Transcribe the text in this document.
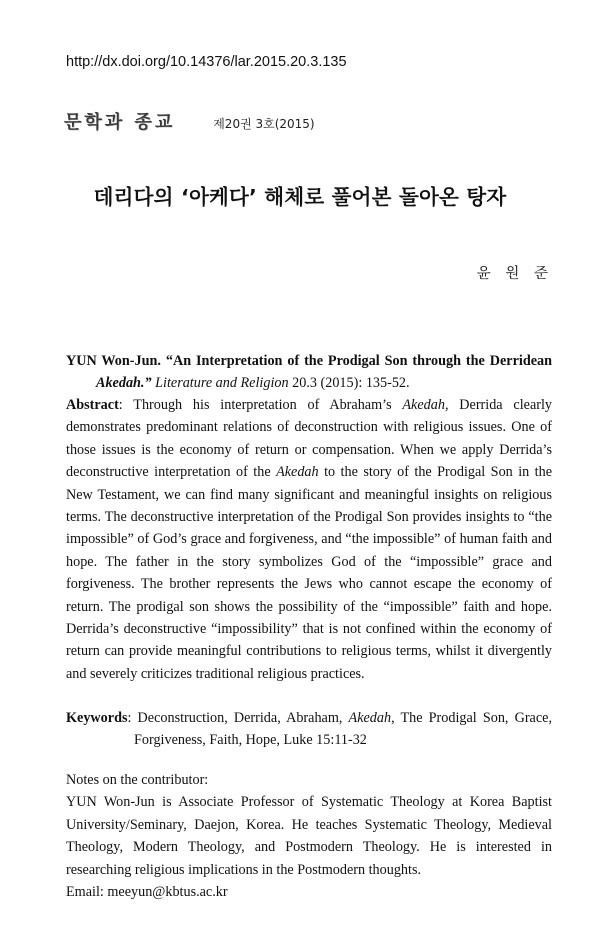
http://dx.doi.org/10.14376/lar.2015.20.3.135
문학과 종교	제20권 3호(2015)
데리다의 ‘아케다’ 해체로 풀어본 돌아온 탕자
윤 원 준
YUN Won-Jun. “An Interpretation of the Prodigal Son through the Derridean
Akedah.” Literature and Religion 20.3 (2015): 135-52.
Abstract: Through his interpretation of Abraham’s Akedah, Derrida clearly demonstrates predominant relations of deconstruction with religious issues. One of those issues is the economy of return or compensation. When we apply Derrida’s deconstructive interpretation of the Akedah to the story of the Prodigal Son in the New Testament, we can find many significant and meaningful insights on religious terms. The deconstructive interpretation of the Prodigal Son provides insights to “the impossible” of God’s grace and forgiveness, and “the impossible” of human faith and hope. The father in the story symbolizes God of the “impossible” grace and forgiveness. The brother represents the Jews who cannot escape the economy of return. The prodigal son shows the possibility of the “impossible” faith and hope. Derrida’s deconstructive “impossibility” that is not confined within the economy of return can provide meaningful contributions to religious terms, whilst it divergently and severely criticizes traditional religious practices.
Keywords: Deconstruction, Derrida, Abraham, Akedah, The Prodigal Son, Grace,
Forgiveness, Faith, Hope, Luke 15:11-32
Notes on the contributor:
YUN Won-Jun is Associate Professor of Systematic Theology at Korea Baptist University/Seminary, Daejon, Korea. He teaches Systematic Theology, Medieval Theology, Modern Theology, and Postmodern Theology. He is interested in researching religious implications in the Postmodern thoughts.
Email: meeyun@kbtus.ac.kr
